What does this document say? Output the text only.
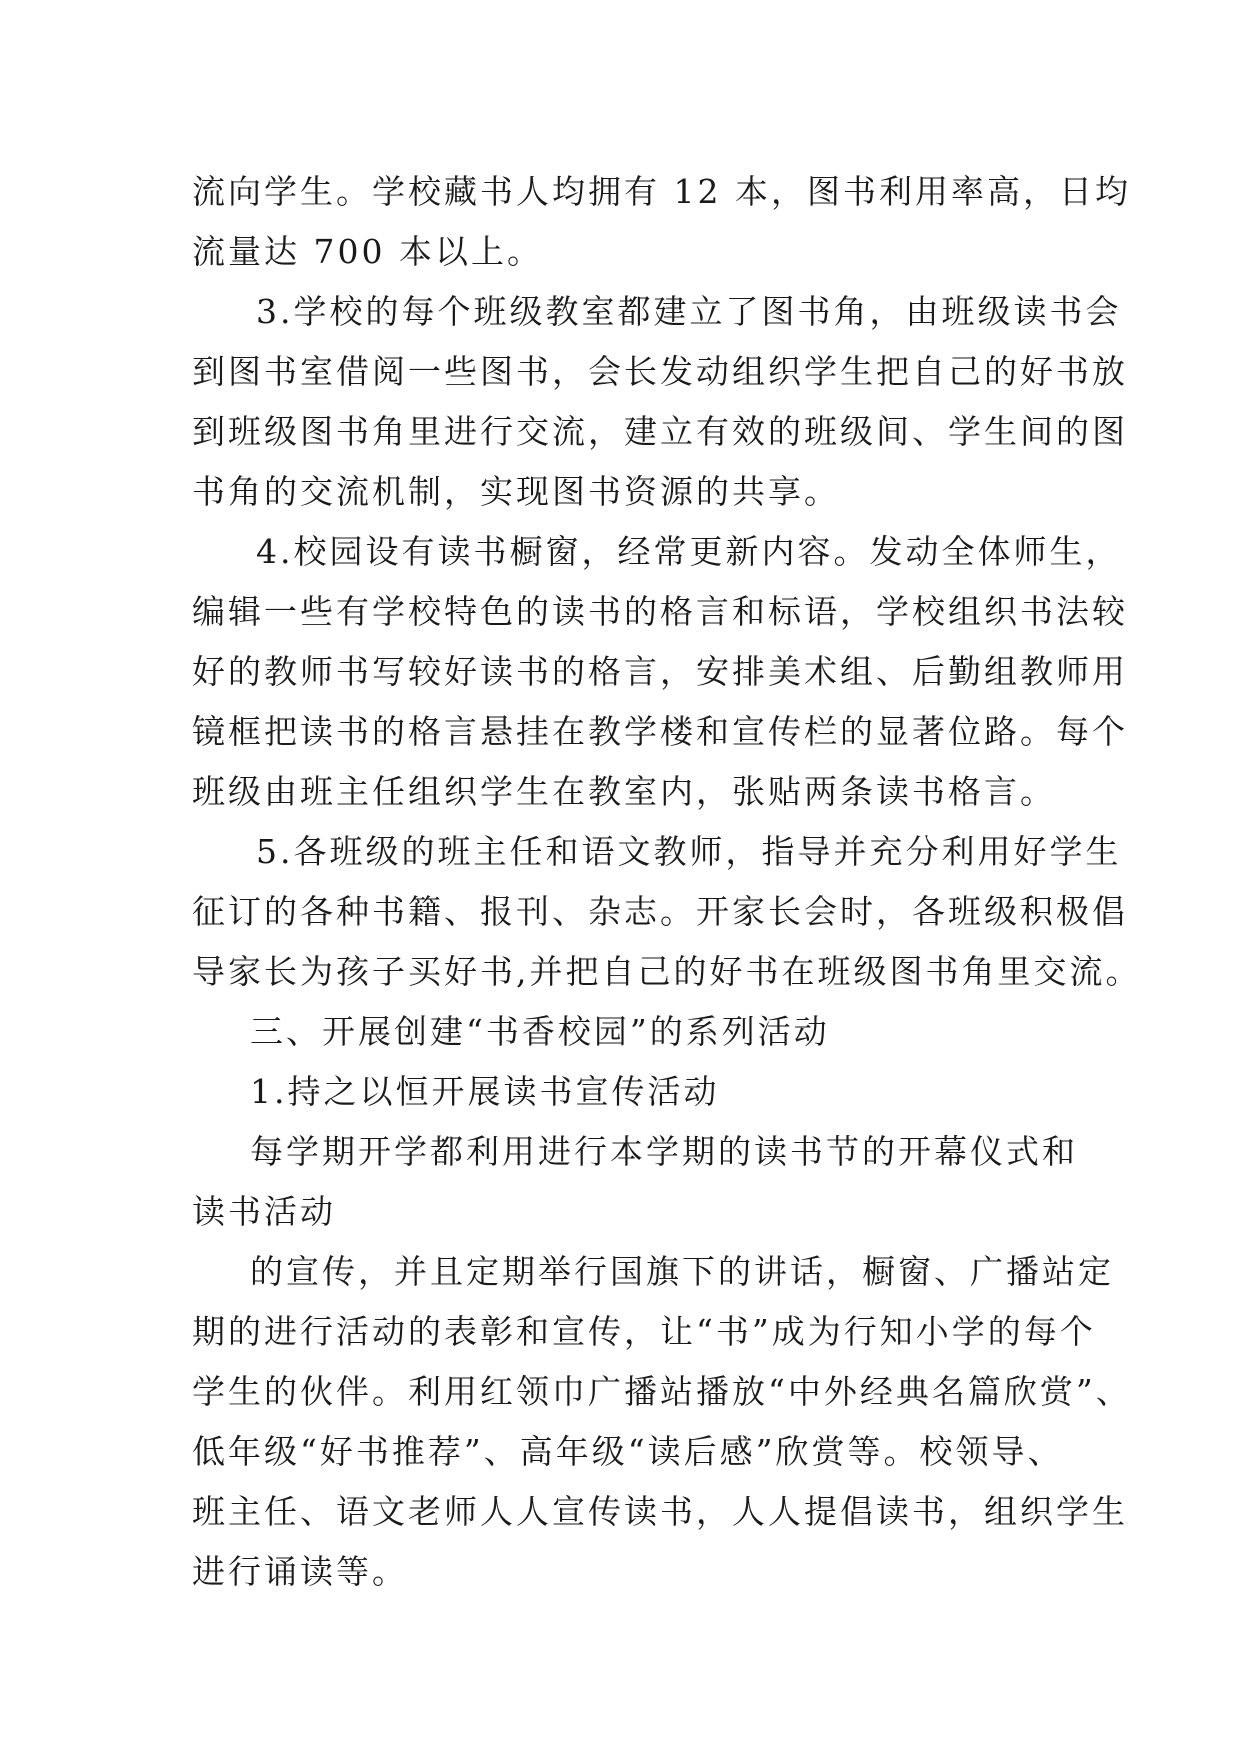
流向学生。学校藏书人均拥有 12 本，图书利用率高，日均
流量达 700 本以上。
3.学校的每个班级教室都建立了图书角，由班级读书会
到图书室借阅一些图书，会长发动组织学生把自己的好书放
到班级图书角里进行交流，建立有效的班级间、学生间的图
书角的交流机制，实现图书资源的共享。
4.校园设有读书橱窗，经常更新内容。发动全体师生，
编辑一些有学校特色的读书的格言和标语，学校组织书法较
好的教师书写较好读书的格言，安排美术组、后勤组教师用
镜框把读书的格言悬挂在教学楼和宣传栏的显著位路。每个
班级由班主任组织学生在教室内，张贴两条读书格言。
5.各班级的班主任和语文教师，指导并充分利用好学生
征订的各种书籍、报刊、杂志。开家长会时，各班级积极倡
导家长为孩子买好书,并把自己的好书在班级图书角里交流。
三、开展创建“书香校园”的系列活动
1.持之以恒开展读书宣传活动
每学期开学都利用进行本学期的读书节的开幕仪式和
读书活动
的宣传，并且定期举行国旗下的讲话，橱窗、广播站定
期的进行活动的表彰和宣传，让“书”成为行知小学的每个
学生的伙伴。利用红领巾广播站播放“中外经典名篇欣赏”、
低年级“好书推荐”、高年级“读后感”欣赏等。校领导、
班主任、语文老师人人宣传读书，人人提倡读书，组织学生
进行诵读等。
